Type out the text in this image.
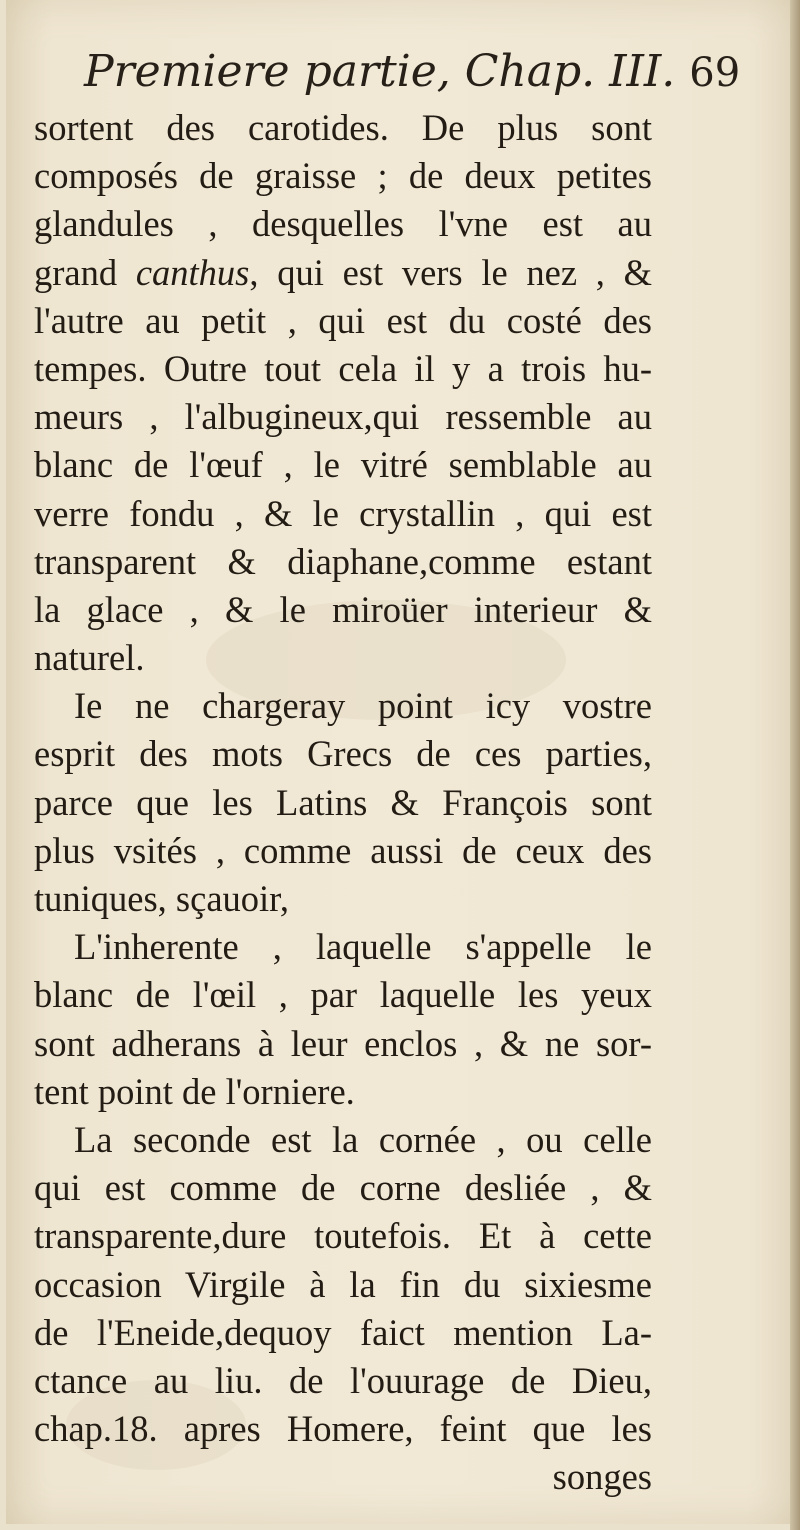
Premiere partie, Chap. III. 69
sortent des carotides. De plus sont
composés de graisse ; de deux petites
glandules , desquelles l'vne est au
grand canthus, qui est vers le nez , &
l'autre au petit , qui est du costé des
tempes. Outre tout cela il y a trois hu-
meurs , l'albugineux,qui ressemble au
blanc de l'œuf , le vitré semblable au
verre fondu , & le crystallin , qui est
transparent & diaphane,comme estant
la glace , & le miroüer interieur &
naturel.
Ie ne chargeray point icy vostre
esprit des mots Grecs de ces parties,
parce que les Latins & François sont
plus vsités , comme aussi de ceux des
tuniques, sçauoir,
L'inherente , laquelle s'appelle le
blanc de l'œil , par laquelle les yeux
sont adherans à leur enclos , & ne sor-
tent point de l'orniere.
La seconde est la cornée , ou celle
qui est comme de corne desliée , &
transparente,dure toutefois. Et à cette
occasion Virgile à la fin du sixiesme
de l'Eneide,dequoy faict mention La-
ctance au liu. de l'ouurage de Dieu,
chap.18. apres Homere, feint que les
songes
